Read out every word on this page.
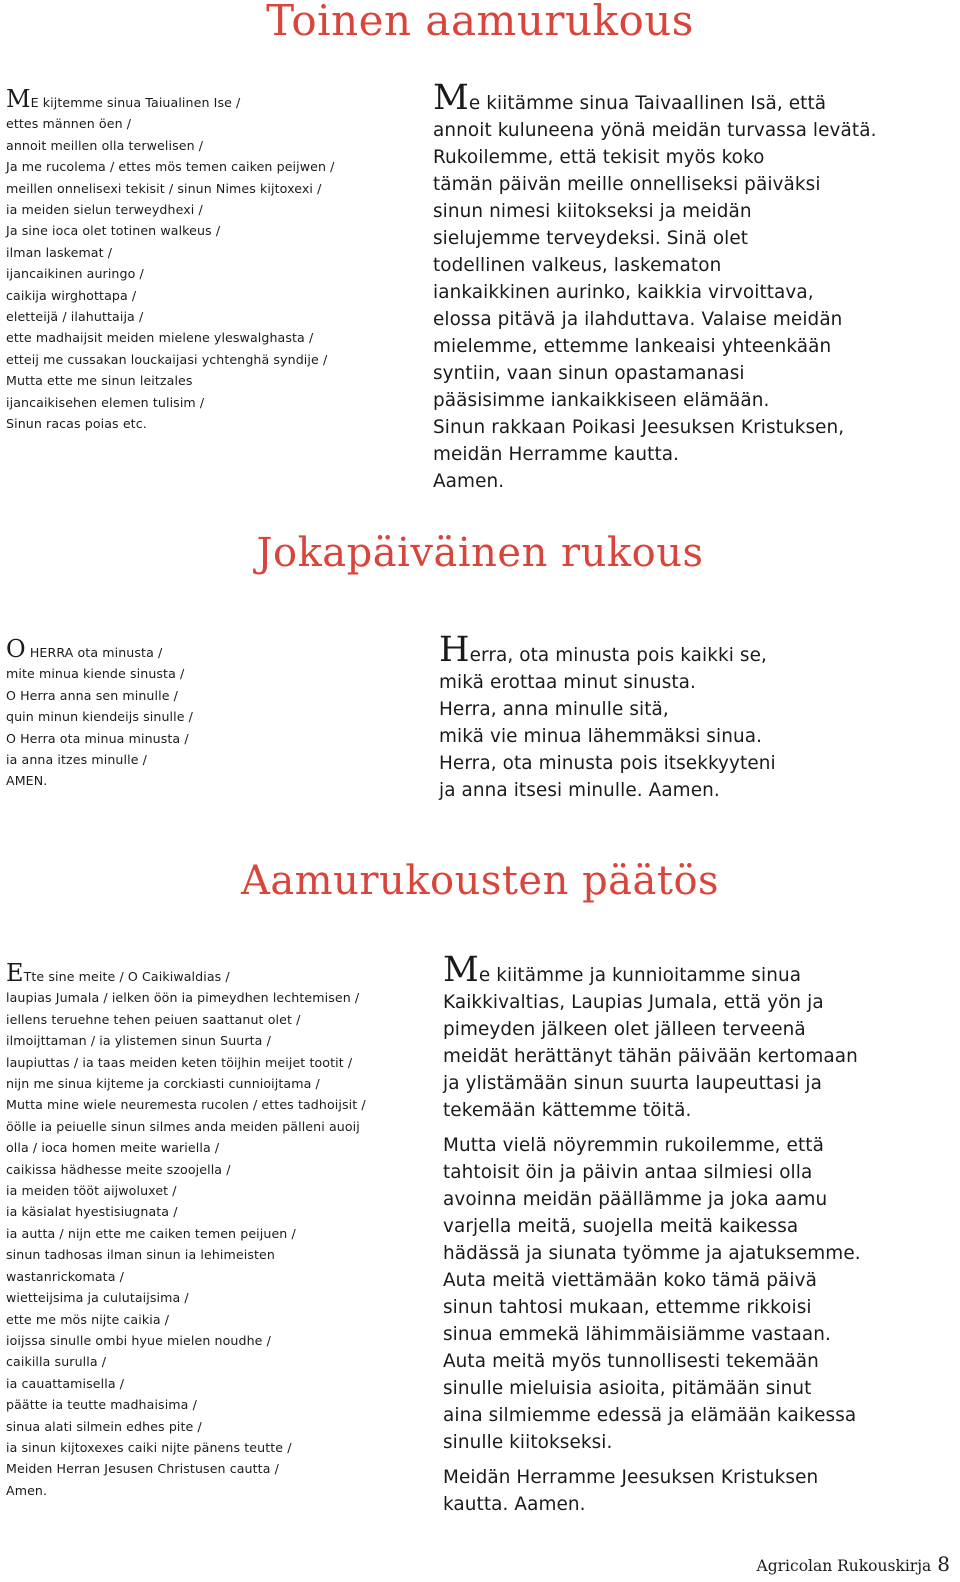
Toinen aamurukous
ME kijtemme sinua Taiualinen Ise /
ettes männen öen /
annoit meillen olla terwelisen /
Ja me rucolema / ettes mös temen caiken peijwen /
meillen onnelisexi tekisit / sinun Nimes kijtoxexi /
ia meiden sielun terweydhexi /
Ja sine ioca olet totinen walkeus /
ilman laskemat /
ijancaikinen auringo /
caikija wirghottapa /
eletteijä / ilahuttaija /
ette madhaijsit meiden mielene yleswalghasta /
etteij me cussakan louckaijasi ychtenghä syndije /
Mutta ette me sinun leitzales
ijancaikisehen elemen tulisim /
Sinun racas poias etc.
Me kiitämme sinua Taivaallinen Isä, että
annoit kuluneena yönä meidän turvassa levätä.
Rukoilemme, että tekisit myös koko
tämän päivän meille onnelliseksi päiväksi
sinun nimesi kiitokseksi ja meidän
sielujemme terveydeksi. Sinä olet
todellinen valkeus, laskematon
iankaikkinen aurinko, kaikkia virvoittava,
elossa pitävä ja ilahduttava. Valaise meidän
mielemme, ettemme lankeaisi yhteenkään
syntiin, vaan sinun opastamanasi
pääsisimme iankaikkiseen elämään.
Sinun rakkaan Poikasi Jeesuksen Kristuksen,
meidän Herramme kautta.
Aamen.
Jokapäiväinen rukous
O HERRA ota minusta /
mite minua kiende sinusta /
O Herra anna sen minulle /
quin minun kiendeijs sinulle /
O Herra ota minua minusta /
ia anna itzes minulle /
AMEN.
Herra, ota minusta pois kaikki se,
mikä erottaa minut sinusta.
Herra, anna minulle sitä,
mikä vie minua lähemmäksi sinua.
Herra, ota minusta pois itsekkyyteni
ja anna itsesi minulle. Aamen.
Aamurukousten päätös
ETte sine meite / O Caikiwaldias /
laupias Jumala / ielken öön ia pimeydhen lechtemisen /
iellens teruehne tehen peiuen saattanut olet /
ilmoijttaman / ia ylistemen sinun Suurta /
laupiuttas / ia taas meiden keten töijhin meijet tootit /
nijn me sinua kijteme ja corckiasti cunnioijtama /
Mutta mine wiele neuremesta rucolen / ettes tadhoijsit /
öölle ia peiuelle sinun silmes anda meiden pälleni auoij
olla / ioca homen meite wariella /
caikissa hädhesse meite szoojella /
ia meiden tööt aijwoluxet /
ia käsialat hyestisiugnata /
ia autta / nijn ette me caiken temen peijuen /
sinun tadhosas ilman sinun ia lehimeisten
wastanrickomata /
wietteijsima ja culutaijsima /
ette me mös nijte caikia /
ioijssa sinulle ombi hyue mielen noudhe /
caikilla surulla /
ia cauattamisella /
päätte ia teutte madhaisima /
sinua alati silmein edhes pite /
ia sinun kijtoxexes caiki nijte pänens teutte /
Meiden Herran Jesusen Christusen cautta /
Amen.
Me kiitämme ja kunnioitamme sinua
Kaikkivaltias, Laupias Jumala, että yön ja
pimeyden jälkeen olet jälleen terveenä
meidät herättänyt tähän päivään kertomaan
ja ylistämään sinun suurta laupeuttasi ja
tekemään kättemme töitä.
Mutta vielä nöyremmin rukoilemme, että
tahtoisit öin ja päivin antaa silmiesi olla
avoinna meidän päällämme ja joka aamu
varjella meitä, suojella meitä kaikessa
hädässä ja siunata työmme ja ajatuksemme.
Auta meitä viettämään koko tämä päivä
sinun tahtosi mukaan, ettemme rikkoisi
sinua emmekä lähimmäisiämme vastaan.
Auta meitä myös tunnollisesti tekemään
sinulle mieluisia asioita, pitämään sinut
aina silmiemme edessä ja elämään kaikessa
sinulle kiitokseksi.
Meidän Herramme Jeesuksen Kristuksen
kautta. Aamen.
Agricolan Rukouskirja 8
